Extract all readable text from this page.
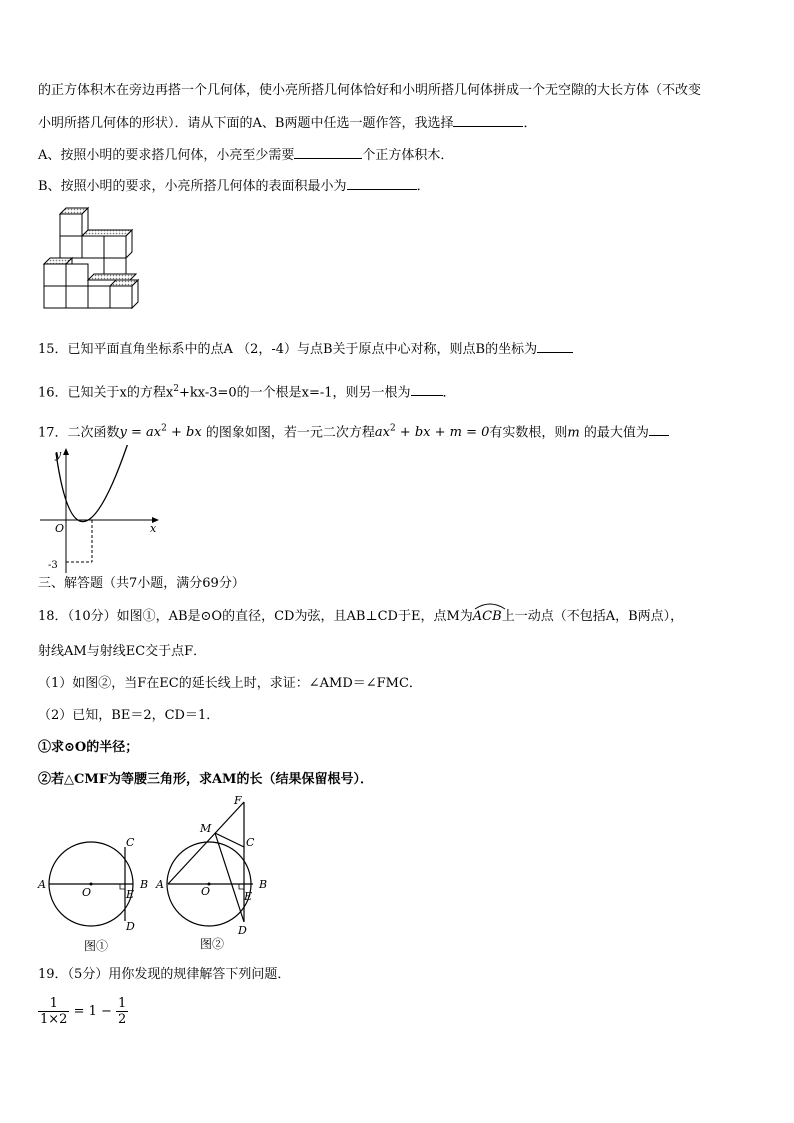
的正方体积木在旁边再搭一个几何体，使小亮所搭几何体恰好和小明所搭几何体拼成一个无空隙的大长方体（不改变
小明所搭几何体的形状）．请从下面的A、B两题中任选一题作答，我选择	．
A、按照小明的要求搭几何体，小亮至少需要	个正方体积木．
B、按照小明的要求，小亮所搭几何体的表面积最小为	．
15．已知平面直角坐标系中的点A （2，-4）与点B关于原点中心对称，则点B的坐标为
16．已知关于x的方程$x^2+kx-3=0$的一个根是x=-1，则另一根为 ．
17．二次函数$y = ax^2$ + bx 的图象如图，若一元二次方程$ax^2$ + bx + m = 0有实数根，则m 的最大值为
y
x
O
-3
三、解答题（共7小题，满分69分）
18．（10分）如图①，AB是⊙O的直径，CD为弦，且AB⊥CD于E，点M为ACB
上一动点（不包括A，B两点），
射线AM与射线EC交于点F．
（1）如图②，当F在EC的延长线上时，求证：∠AMD＝∠FMC．
（2）已知，BE＝2，CD＝1．
①求⊙O的半径；
②若△CMF为等腰三角形，求AM的长（结果保留根号）．
A	B
C
D
E
O
图①
A	B
C
D
E
O
M
F
图②
19．（5分）用你发现的规律解答下列问题．
$\frac{1}{1\times 2} = 1 - \frac{1}{2}$
